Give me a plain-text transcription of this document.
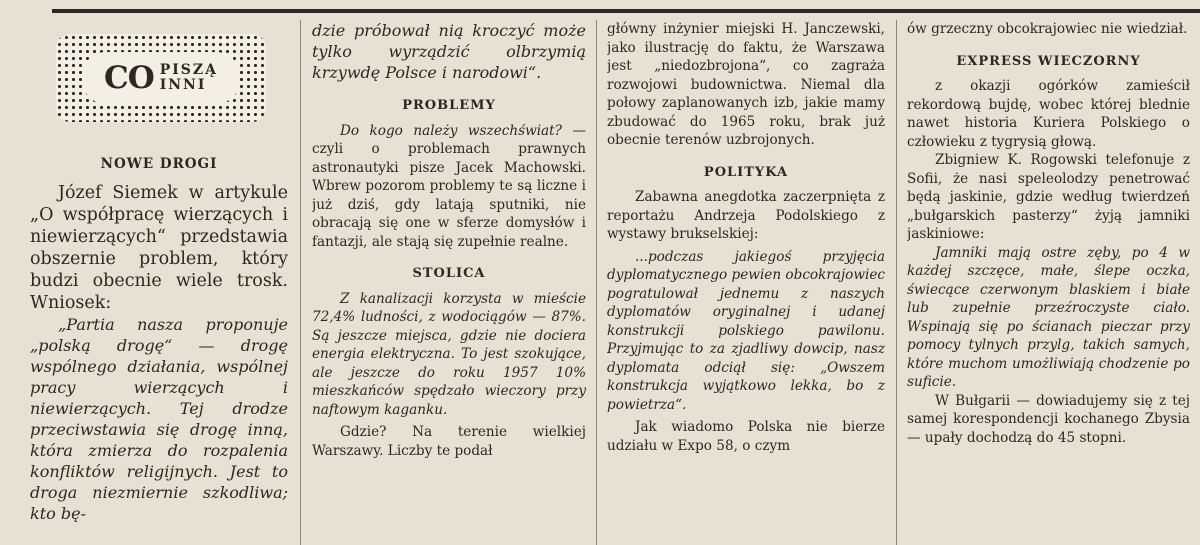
CO PISZĄ
INNI
NOWE DROGI

Józef Siemek w artykule „O współpracę wierzących i niewierzących“ przedstawia obszernie problem, który budzi obecnie wiele trosk. Wniosek:

„Partia nasza proponuje „polską drogę“ — drogę wspólnego działania, wspólnej pracy wierzących i niewierzących. Tej drodze przeciwstawia się drogę inną, która zmierza do rozpalenia konfliktów religijnych. Jest to droga niezmiernie szkodliwa; kto bę-

dzie próbował nią kroczyć może tylko wyrządzić olbrzymią krzywdę Polsce i narodowi“.

PROBLEMY

Do kogo należy wszechświat? — czyli o problemach prawnych astronautyki pisze Jacek Machowski. Wbrew pozorom problemy te są liczne i już dziś, gdy latają sputniki, nie obracają się one w sferze domysłów i fantazji, ale stają się zupełnie realne.

STOLICA

Z kanalizacji korzysta w mieście 72,4% ludności, z wodociągów — 87%. Są jeszcze miejsca, gdzie nie dociera energia elektryczna. To jest szokujące, ale jeszcze do roku 1957 10% mieszkańców spędzało wieczory przy naftowym kaganku.

Gdzie? Na terenie wielkiej Warszawy. Liczby te podał

główny inżynier miejski H. Janczewski, jako ilustrację do faktu, że Warszawa jest „niedozbrojona“, co zagraża rozwojowi budownictwa. Niemal dla połowy zaplanowanych izb, jakie mamy zbudować do 1965 roku, brak już obecnie terenów uzbrojonych.

POLITYKA

Zabawna anegdotka zaczerpnięta z reportażu Andrzeja Podolskiego z wystawy brukselskiej:

...podczas jakiegoś przyjęcia dyplomatycznego pewien obcokrajowiec pogratulował jednemu z naszych dyplomatów oryginalnej i udanej konstrukcji polskiego pawilonu. Przyjmując to za zjadliwy dowcip, nasz dyplomata odciął się: „Owszem konstrukcja wyjątkowo lekka, bo z powietrza“.

Jak wiadomo Polska nie bierze udziału w Expo 58, o czym

ów grzeczny obcokrajowiec nie wiedział.

EXPRESS WIECZORNY

z okazji ogórków zamieścił rekordową bujdę, wobec której blednie nawet historia Kuriera Polskiego o człowieku z tygrysią głową.

Zbigniew K. Rogowski telefonuje z Sofii, że nasi speleolodzy penetrować będą jaskinie, gdzie według twierdzeń „bułgarskich pasterzy“ żyją jamniki jaskiniowe:

Jamniki mają ostre zęby, po 4 w każdej szczęce, małe, ślepe oczka, świecące czerwonym blaskiem i białe lub zupełnie przeźroczyste ciało. Wspinają się po ścianach pieczar przy pomocy tylnych przylg, takich samych, które muchom umożliwiają chodzenie po suficie.

W Bułgarii — dowiadujemy się z tej samej korespondencji kochanego Zbysia — upały dochodzą do 45 stopni.
